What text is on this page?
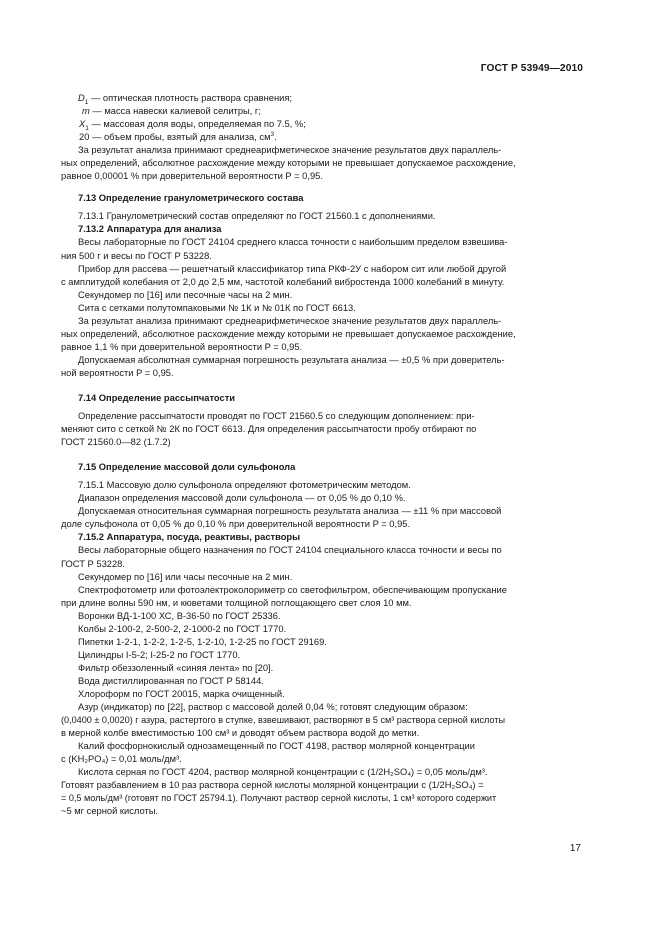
ГОСТ Р 53949—2010

$D_1$ — оптическая плотность раствора сравнения;

m — масса навески калиевой селитры, г;

$X_1$ — массовая доля воды, определяемая по 7.5, %;

20 — объем пробы, взятый для анализа, $см^3$.

За результат анализа принимают среднеарифметическое значение результатов двух параллель-

ных определений, абсолютное расхождение между которыми не превышает допускаемое расхождение,

равное 0,00001 % при доверительной вероятности P = 0,95.

7.13 Определение гранулометрического состава

7.13.1 Гранулометрический состав определяют по ГОСТ 21560.1 с дополнениями.

7.13.2 Аппаратура для анализа

Весы лабораторные по ГОСТ 24104 среднего класса точности с наибольшим пределом взвешива-

ния 500 г и весы по ГОСТ Р 53228.

Прибор для рассева — решетчатый классификатор типа РКФ-2У с набором сит или любой другой

с амплитудой колебания от 2,0 до 2,5 мм, частотой колебаний вибростенда 1000 колебаний в минуту.

Секундомер по [16] или песочные часы на 2 мин.

Сита с сетками полутомпаковыми № 1К и № 01К по ГОСТ 6613.

За результат анализа принимают среднеарифметическое значение результатов двух параллель-

ных определений, абсолютное расхождение между которыми не превышает допускаемое расхождение,

равное 1,1 % при доверительной вероятности P = 0,95.

Допускаемая абсолютная суммарная погрешность результата анализа — ±0,5 % при доверитель-

ной вероятности P = 0,95.

7.14 Определение рассыпчатости

Определение рассыпчатости проводят по ГОСТ 21560.5 со следующим дополнением: при-

меняют сито с сеткой № 2К по ГОСТ 6613. Для определения рассыпчатости пробу отбирают по

ГОСТ 21560.0—82 (1.7.2)

7.15 Определение массовой доли сульфонола

7.15.1 Массовую долю сульфонола определяют фотометрическим методом.

Диапазон определения массовой доли сульфонола — от 0,05 % до 0,10 %.

Допускаемая относительная суммарная погрешность результата анализа — ±11 % при массовой

доле сульфонола от 0,05 % до 0,10 % при доверительной вероятности P = 0,95.

7.15.2 Аппаратура, посуда, реактивы, растворы

Весы лабораторные общего назначения по ГОСТ 24104 специального класса точности и весы по

ГОСТ Р 53228.

Секундомер по [16] или часы песочные на 2 мин.

Спектрофотометр или фотоэлектроколориметр со светофильтром, обеспечивающим пропускание

при длине волны 590 нм, и кюветами толщиной поглощающего свет слоя 10 мм.

Воронки ВД-1-100 ХС, В-36-50 по ГОСТ 25336.

Колбы 2-100-2, 2-500-2, 2-1000-2 по ГОСТ 1770.

Пипетки 1-2-1, 1-2-2, 1-2-5, 1-2-10, 1-2-25 по ГОСТ 29169.

Цилиндры I-5-2; I-25-2 по ГОСТ 1770.

Фильтр обеззоленный «синяя лента» по [20].

Вода дистиллированная по ГОСТ Р 58144.

Хлороформ по ГОСТ 20015, марка очищенный.

Азур (индикатор) по [22], раствор с массовой долей 0,04 %; готовят следующим образом:

(0,0400 ± 0,0020) г азура, растертого в ступке, взвешивают, растворяют в 5 см³ раствора серной кислоты

в мерной колбе вместимостью 100 см³ и доводят объем раствора водой до метки.

Калий фосфорнокислый однозамещенный по ГОСТ 4198, раствор молярной концентрации

c (KH₂PO₄) = 0,01 моль/дм³.

Кислота серная по ГОСТ 4204, раствор молярной концентрации c (1/2H₂SO₄) = 0,05 моль/дм³.

Готовят разбавлением в 10 раз раствора серной кислоты молярной концентрации c (1/2H₂SO₄) =

= 0,5 моль/дм³ (готовят по ГОСТ 25794.1). Получают раствор серной кислоты, 1 см³ которого содержит

~5 мг серной кислоты.

17
